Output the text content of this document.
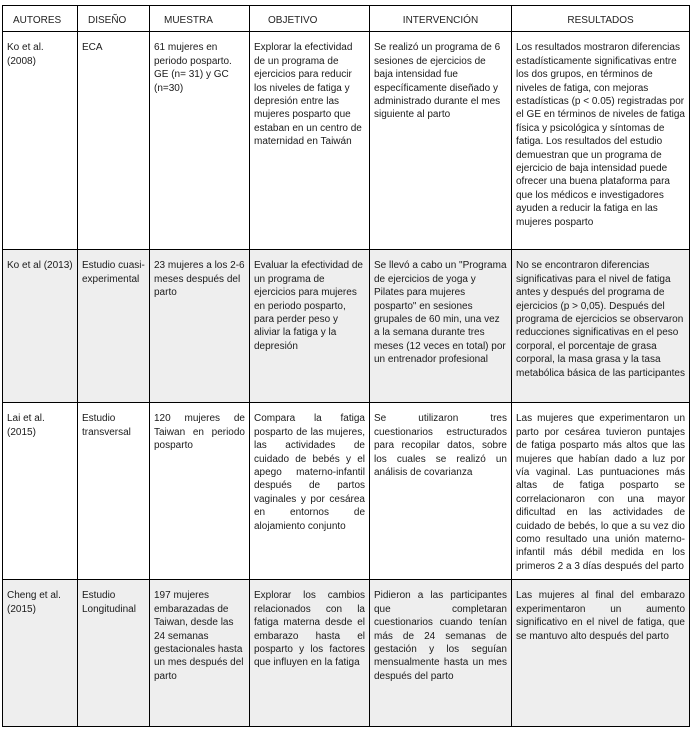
AUTORES	DISEÑO	MUESTRA	OBJETIVO	INTERVENCIÓN	RESULTADOS
Ko et al. (2008)	ECA	61 mujeres en periodo posparto. GE (n= 31) y GC (n=30)	Explorar la efectividad de un programa de ejercicios para reducir los niveles de fatiga y depresión entre las mujeres posparto que estaban en un centro de maternidad en Taiwán	Se realizó un programa de 6 sesiones de ejercicios de baja intensidad fue específicamente diseñado y administrado durante el mes siguiente al parto	Los resultados mostraron diferencias estadísticamente significativas entre los dos grupos, en términos de niveles de fatiga, con mejoras estadísticas (p < 0.05) registradas por el GE en términos de niveles de fatiga física y psicológica y síntomas de fatiga. Los resultados del estudio demuestran que un programa de ejercicio de baja intensidad puede ofrecer una buena plataforma para que los médicos e investigadores ayuden a reducir la fatiga en las mujeres posparto
Ko et al (2013)	Estudio cuasi-experimental	23 mujeres a los 2-6 meses después del parto	Evaluar la efectividad de un programa de ejercicios para mujeres en periodo posparto, para perder peso y aliviar la fatiga y la depresión	Se llevó a cabo un "Programa de ejercicios de yoga y Pilates para mujeres posparto" en sesiones grupales de 60 min, una vez a la semana durante tres meses (12 veces en total) por un entrenador profesional	No se encontraron diferencias significativas para el nivel de fatiga antes y después del programa de ejercicios (p > 0,05). Después del programa de ejercicios se observaron reducciones significativas en el peso corporal, el porcentaje de grasa corporal, la masa grasa y la tasa metabólica básica de las participantes
Lai et al. (2015)	Estudio transversal	120 mujeres de Taiwan en periodo posparto	Compara la fatiga posparto de las mujeres, las actividades de cuidado de bebés y el apego materno-infantil después de partos vaginales y por cesárea en entornos de alojamiento conjunto	Se utilizaron tres cuestionarios estructurados para recopilar datos, sobre los cuales se realizó un análisis de covarianza	Las mujeres que experimentaron un parto por cesárea tuvieron puntajes de fatiga posparto más altos que las mujeres que habían dado a luz por vía vaginal. Las puntuaciones más altas de fatiga posparto se correlacionaron con una mayor dificultad en las actividades de cuidado de bebés, lo que a su vez dio como resultado una unión materno-infantil más débil medida en los primeros 2 a 3 días después del parto
Cheng et al. (2015)	Estudio Longitudinal	197 mujeres embarazadas de Taiwan, desde las 24 semanas gestacionales hasta un mes después del parto	Explorar los cambios relacionados con la fatiga materna desde el embarazo hasta el posparto y los factores que influyen en la fatiga	Pidieron a las participantes que completaran cuestionarios cuando tenían más de 24 semanas de gestación y los seguían mensualmente hasta un mes después del parto	Las mujeres al final del embarazo experimentaron un aumento significativo en el nivel de fatiga, que se mantuvo alto después del parto
